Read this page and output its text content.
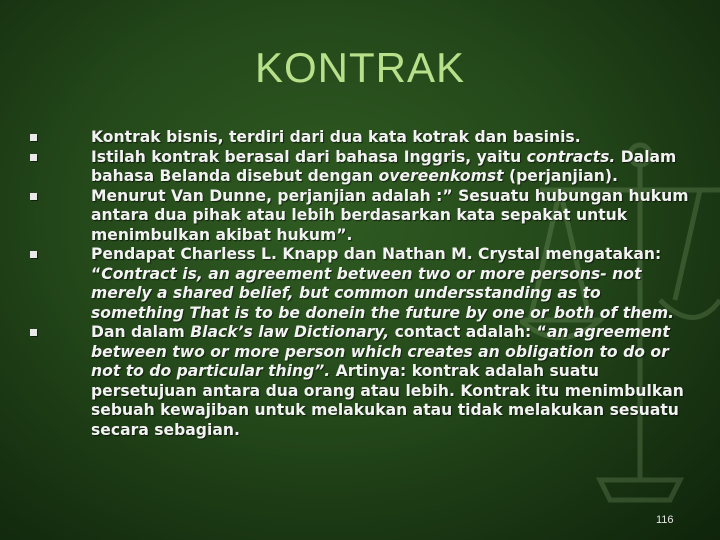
KONTRAK
Kontrak bisnis, terdiri dari dua kata kotrak dan basinis.
Istilah kontrak berasal dari bahasa Inggris, yaitu contracts. Dalam bahasa Belanda disebut dengan overeenkomst (perjanjian).
Menurut Van Dunne, perjanjian adalah :” Sesuatu hubungan hukum antara dua pihak atau lebih berdasarkan kata sepakat untuk menimbulkan akibat hukum”.
Pendapat Charless L. Knapp dan Nathan M. Crystal mengatakan: “Contract is, an agreement between two or more persons- not merely a shared belief, but common undersstanding as to something That is to be donein the future by one or both of them.
Dan dalam Black’s law Dictionary, contact adalah: “an agreement between two or more person which creates an obligation to do or not to do particular thing”. Artinya: kontrak adalah suatu persetujuan antara dua orang atau lebih. Kontrak itu menimbulkan sebuah kewajiban untuk melakukan atau tidak melakukan sesuatu secara sebagian.
116
